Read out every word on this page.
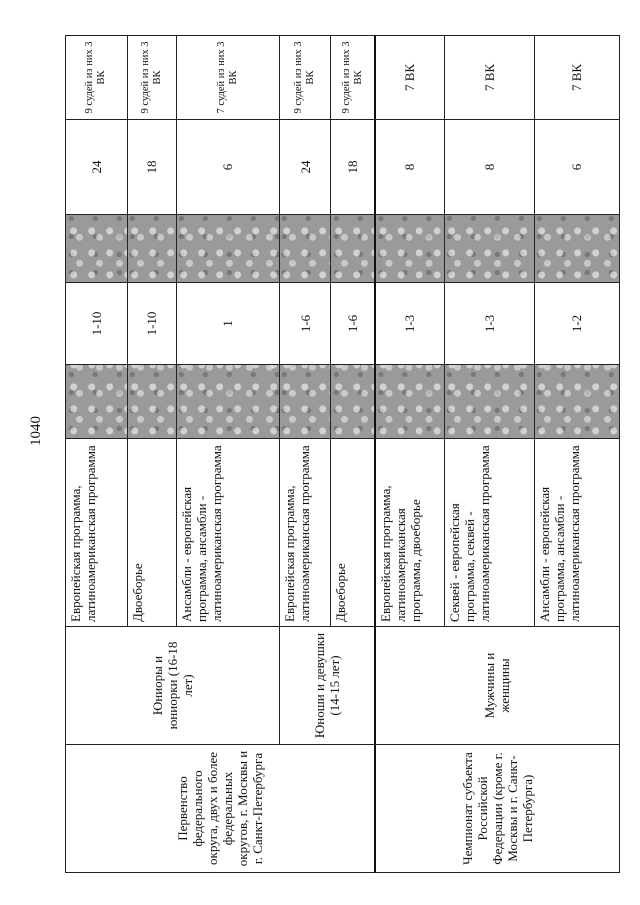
1040
Первенство федерального округа, двух и более федеральных округов, г. Москвы и г. Санкт-Петербурга	Юниоры и юниорки (16-18 лет)	Европейская программа, латиноамериканская программа		1-10		24	9 судей из них 3 ВК
		Двоеборье		1-10		18	9 судей из них 3 ВК
		Ансамбли - европейская программа, ансамбли - латиноамериканская программа		1		6	7 судей из них 3 ВК
	Юноши и девушки (14-15 лет)	Европейская программа, латиноамериканская программа		1-6		24	9 судей из них 3 ВК
		Двоеборье		1-6		18	9 судей из них 3 ВК
Чемпионат субъекта Российской Федерации (кроме г. Москвы и г. Санкт-Петербурга)	Мужчины и женщины	Европейская программа, латиноамериканская программа, двоеборье		1-3		8	7 ВК
		Секвей - европейская программа, секвей - латиноамериканская программа		1-3		8	7 ВК
		Ансамбли - европейская программа, ансамбли - латиноамериканская программа		1-2		6	7 ВК
